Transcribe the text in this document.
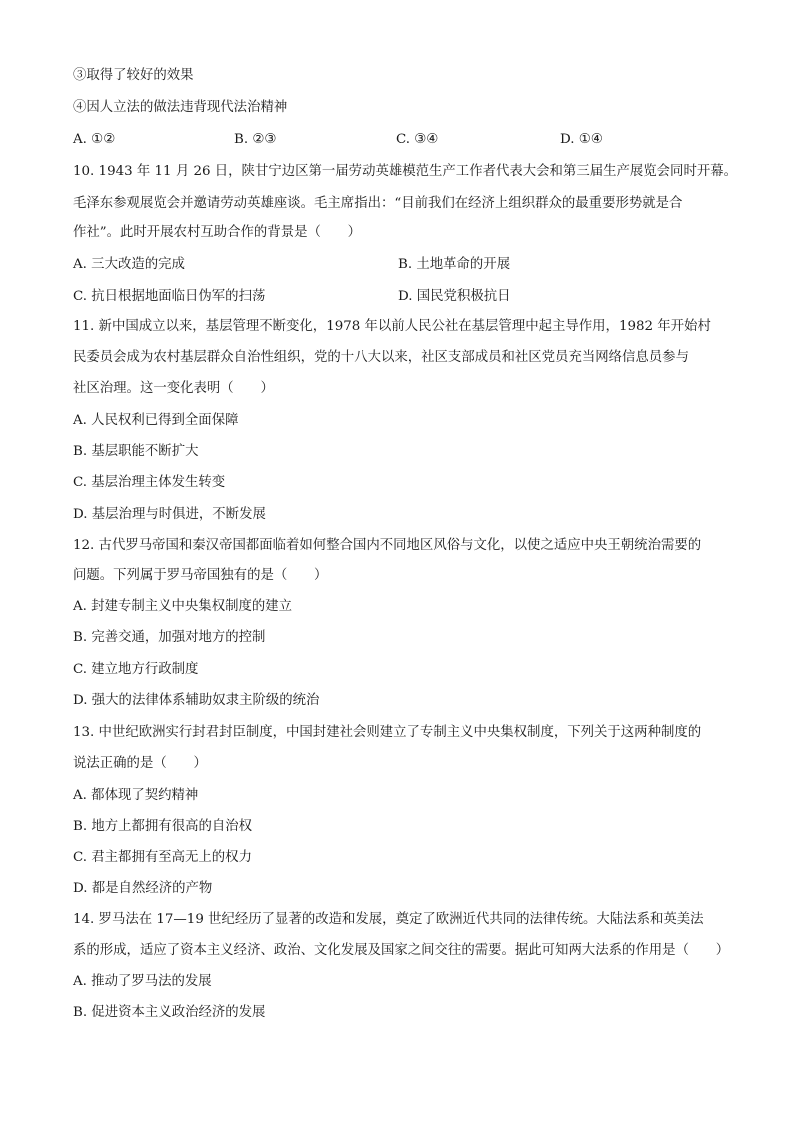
③取得了较好的效果
④因人立法的做法违背现代法治精神
A. ①②	B. ②③	C. ③④	D. ①④
10. 1943 年 11 月 26 日，陕甘宁边区第一届劳动英雄模范生产工作者代表大会和第三届生产展览会同时开幕。
毛泽东参观展览会并邀请劳动英雄座谈。毛主席指出：“目前我们在经济上组织群众的最重要形势就是合
作社”。此时开展农村互助合作的背景是（　　）
A. 三大改造的完成	B. 土地革命的开展
C. 抗日根据地面临日伪军的扫荡	D. 国民党积极抗日
11. 新中国成立以来，基层管理不断变化，1978 年以前人民公社在基层管理中起主导作用，1982 年开始村
民委员会成为农村基层群众自治性组织，党的十八大以来，社区支部成员和社区党员充当网络信息员参与
社区治理。这一变化表明（　　）
A. 人民权利已得到全面保障
B. 基层职能不断扩大
C. 基层治理主体发生转变
D. 基层治理与时俱进，不断发展
12. 古代罗马帝国和秦汉帝国都面临着如何整合国内不同地区风俗与文化，以使之适应中央王朝统治需要的
问题。下列属于罗马帝国独有的是（　　）
A. 封建专制主义中央集权制度的建立
B. 完善交通，加强对地方的控制
C. 建立地方行政制度
D. 强大的法律体系辅助奴隶主阶级的统治
13. 中世纪欧洲实行封君封臣制度，中国封建社会则建立了专制主义中央集权制度，下列关于这两种制度的
说法正确的是（　　）
A. 都体现了契约精神
B. 地方上都拥有很高的自治权
C. 君主都拥有至高无上的权力
D. 都是自然经济的产物
14. 罗马法在 17—19 世纪经历了显著的改造和发展，奠定了欧洲近代共同的法律传统。大陆法系和英美法
系的形成，适应了资本主义经济、政治、文化发展及国家之间交往的需要。据此可知两大法系的作用是（　　）
A. 推动了罗马法的发展
B. 促进资本主义政治经济的发展
